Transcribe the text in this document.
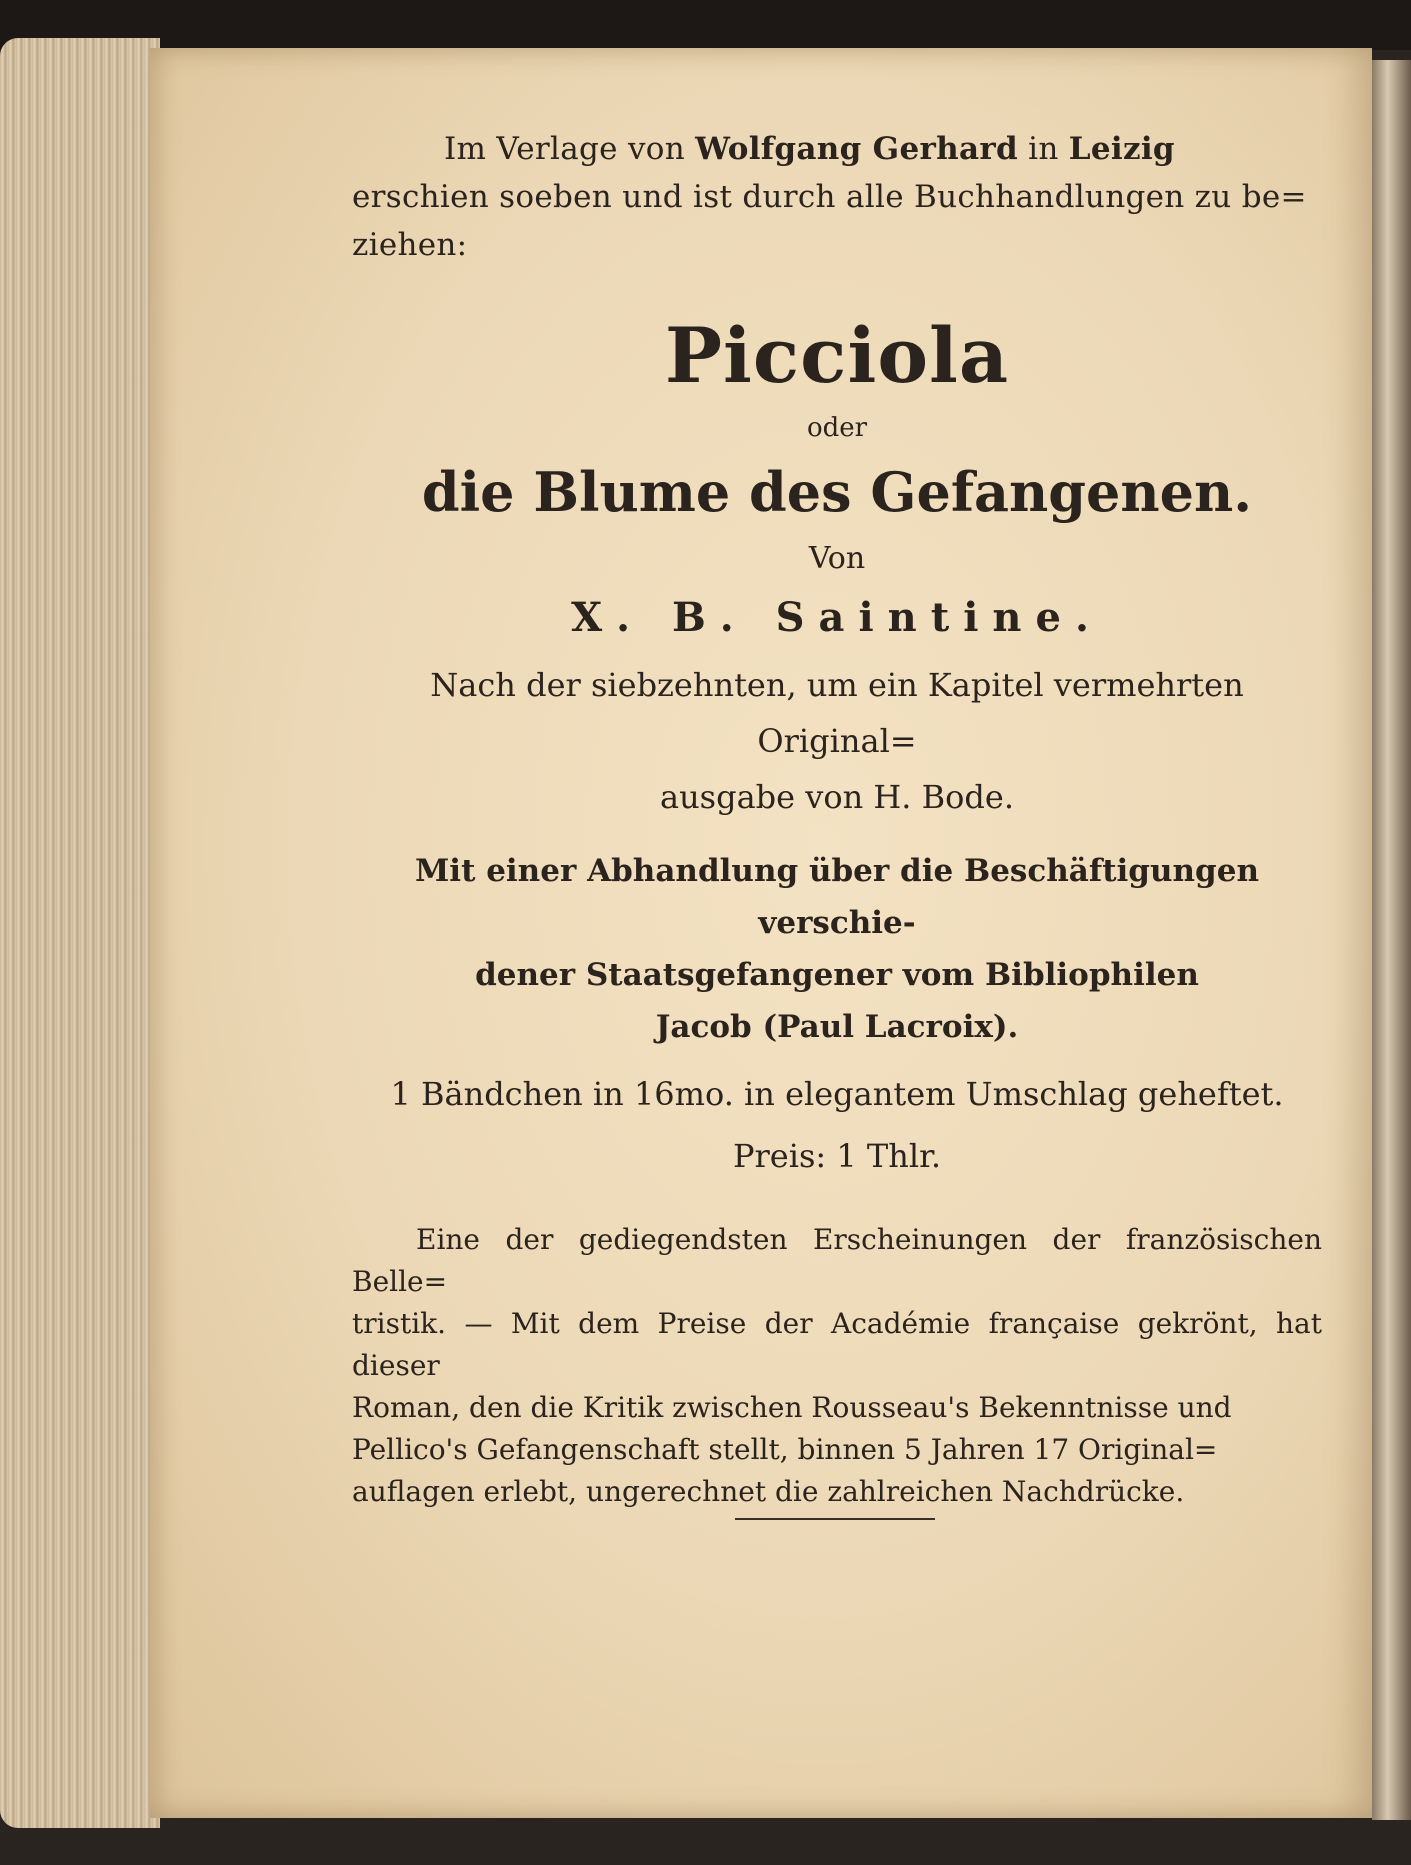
Im Verlage von Wolfgang Gerhard in Leizig
erschien soeben und ist durch alle Buchhandlungen zu be=
ziehen:

Picciola

oder

die Blume des Gefangenen.

Von

X. B. Saintine.

Nach der siebzehnten, um ein Kapitel vermehrten Original=
ausgabe von H. Bode.

Mit einer Abhandlung über die Beschäftigungen verschie-
dener Staatsgefangener vom Bibliophilen
Jacob (Paul Lacroix).

1 Bändchen in 16mo. in elegantem Umschlag geheftet.

Preis: 1 Thlr.

Eine der gediegendsten Erscheinungen der französischen Belle=
tristik. — Mit dem Preise der Académie française gekrönt, hat dieser
Roman, den die Kritik zwischen Rousseau's Bekenntnisse und
Pellico's Gefangenschaft stellt, binnen 5 Jahren 17 Original=
auflagen erlebt, ungerechnet die zahlreichen Nachdrücke.
